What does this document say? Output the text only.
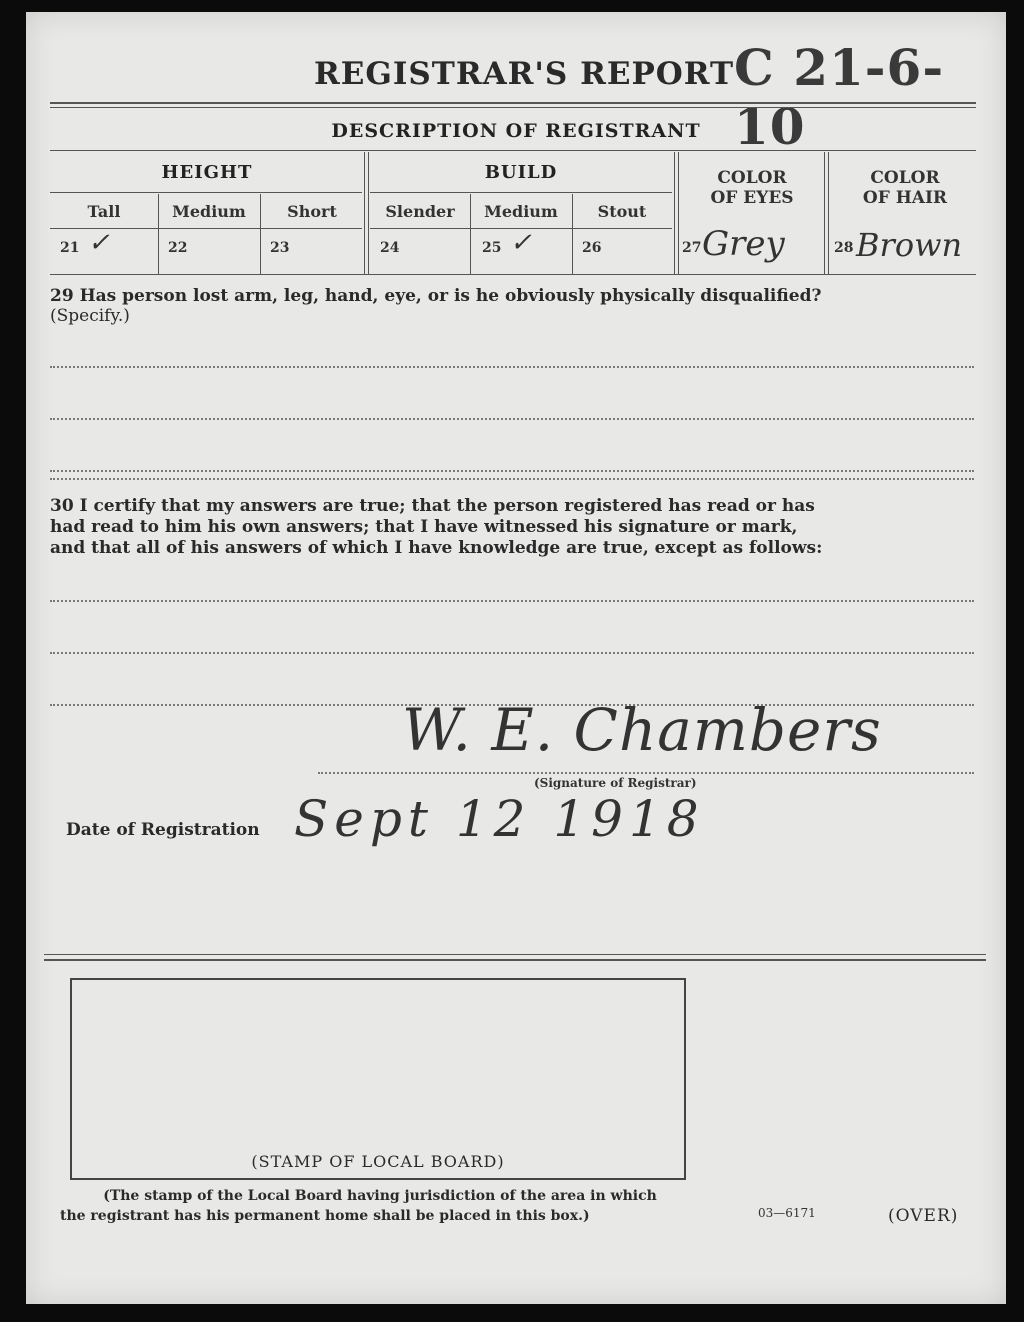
REGISTRAR'S REPORT C 21-6-10
DESCRIPTION OF REGISTRANT
HEIGHT
Tall	Medium	Short
21 ✓	22	23
BUILD
Slender	Medium	Stout
24	25 ✓	26
COLOR
OF EYES
27 Grey
COLOR
OF HAIR
28 Brown
29 Has person lost arm, leg, hand, eye, or is he obviously physically disqualified?
(Specify.)
30 I certify that my answers are true; that the person registered has read or has
had read to him his own answers; that I have witnessed his signature or mark,
and that all of his answers of which I have knowledge are true, except as follows:
W. E. Chambers
(Signature of Registrar)
Date of Registration Sept 12 1918
(STAMP OF LOCAL BOARD)
(The stamp of the Local Board having jurisdiction of the area in which
the registrant has his permanent home shall be placed in this box.)	03—6171	(OVER)
